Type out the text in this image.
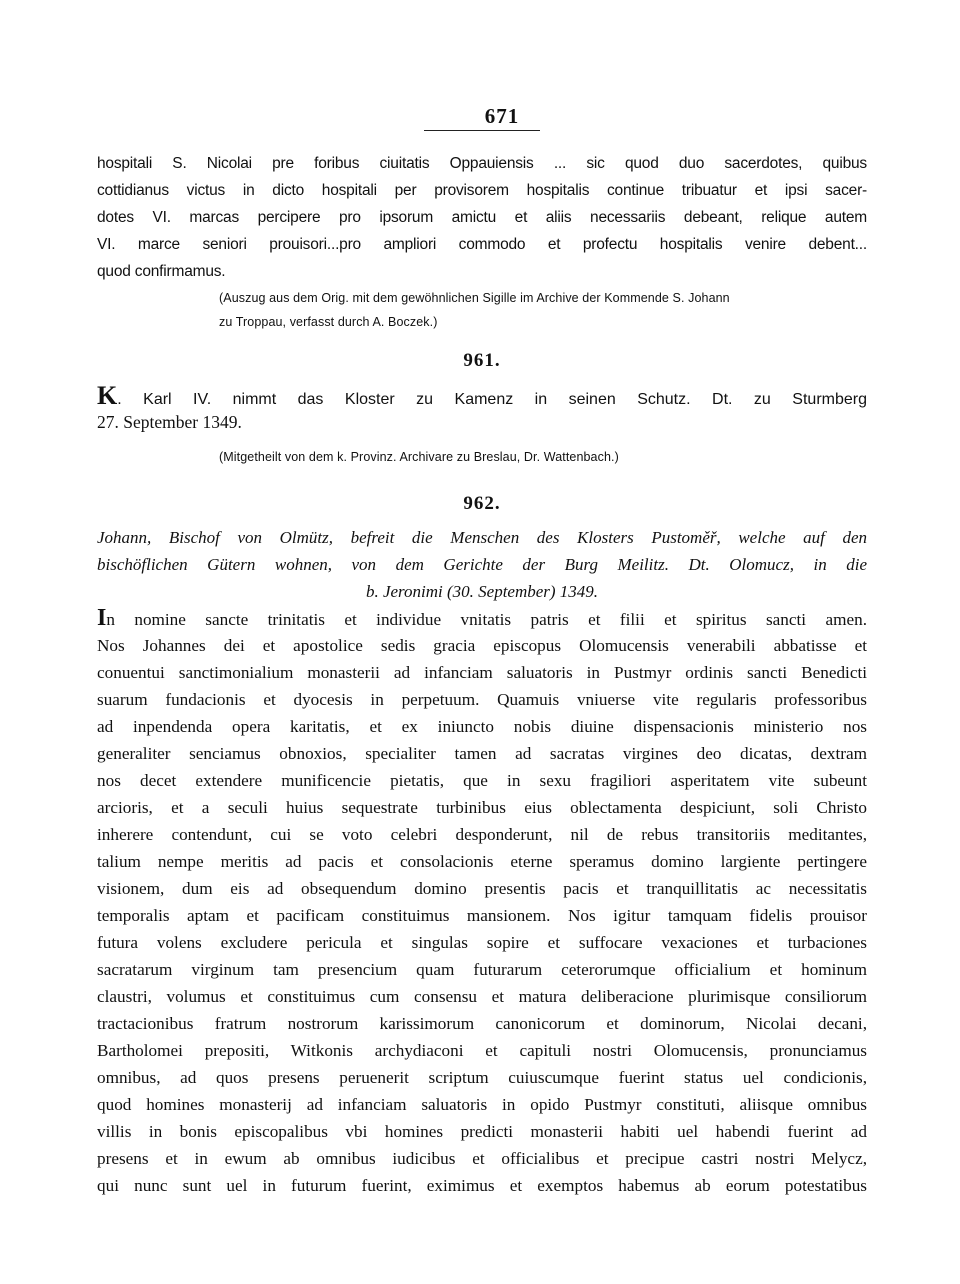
671
hospitali S. Nicolai pre foribus ciuitatis Oppauiensis ... sic quod duo sacerdotes, quibus
cottidianus victus in dicto hospitali per provisorem hospitalis continue tribuatur et ipsi sacer-
dotes VI. marcas percipere pro ipsorum amictu et aliis necessariis debeant, relique autem
VI. marce seniori prouisori...pro ampliori commodo et profectu hospitalis venire debent...
quod confirmamus.
(Auszug aus dem Orig. mit dem gewöhnlichen Sigille im Archive der Kommende S. Johann
zu Troppau, verfasst durch A. Boczek.)
961.
K. Karl IV. nimmt das Kloster zu Kamenz in seinen Schutz. Dt. zu Sturmberg
27. September 1349.
(Mitgetheilt von dem k. Provinz. Archivare zu Breslau, Dr. Wattenbach.)
962.
Johann, Bischof von Olmütz, befreit die Menschen des Klosters Pustoměř, welche auf den
bischöflichen Gütern wohnen, von dem Gerichte der Burg Meilitz. Dt. Olomucz, in die
b. Jeronimi (30. September) 1349.
In nomine sancte trinitatis et individue vnitatis patris et filii et spiritus sancti amen.
Nos Johannes dei et apostolice sedis gracia episcopus Olomucensis venerabili abbatisse et
conuentui sanctimonialium monasterii ad infanciam saluatoris in Pustmyr ordinis sancti Benedicti
suarum fundacionis et dyocesis in perpetuum. Quamuis vniuerse vite regularis professoribus
ad inpendenda opera karitatis, et ex iniuncto nobis diuine dispensacionis ministerio nos
generaliter senciamus obnoxios, specialiter tamen ad sacratas virgines deo dicatas, dextram
nos decet extendere munificencie pietatis, que in sexu fragiliori asperitatem vite subeunt
arcioris, et a seculi huius sequestrate turbinibus eius oblectamenta despiciunt, soli Christo
inherere contendunt, cui se voto celebri desponderunt, nil de rebus transitoriis meditantes,
talium nempe meritis ad pacis et consolacionis eterne speramus domino largiente pertingere
visionem, dum eis ad obsequendum domino presentis pacis et tranquillitatis ac necessitatis
temporalis aptam et pacificam constituimus mansionem. Nos igitur tamquam fidelis prouisor
futura volens excludere pericula et singulas sopire et suffocare vexaciones et turbaciones
sacratarum virginum tam presencium quam futurarum ceterorumque officialium et hominum
claustri, volumus et constituimus cum consensu et matura deliberacione plurimisque consiliorum
tractacionibus fratrum nostrorum karissimorum canonicorum et dominorum, Nicolai decani,
Bartholomei prepositi, Witkonis archydiaconi et capituli nostri Olomucensis, pronunciamus
omnibus, ad quos presens peruenerit scriptum cuiuscumque fuerint status uel condicionis,
quod homines monasterij ad infanciam saluatoris in opido Pustmyr constituti, aliisque omnibus
villis in bonis episcopalibus vbi homines predicti monasterii habiti uel habendi fuerint ad
presens et in ewum ab omnibus iudicibus et officialibus et precipue castri nostri Melycz,
qui nunc sunt uel in futurum fuerint, eximimus et exemptos habemus ab eorum potestatibus
